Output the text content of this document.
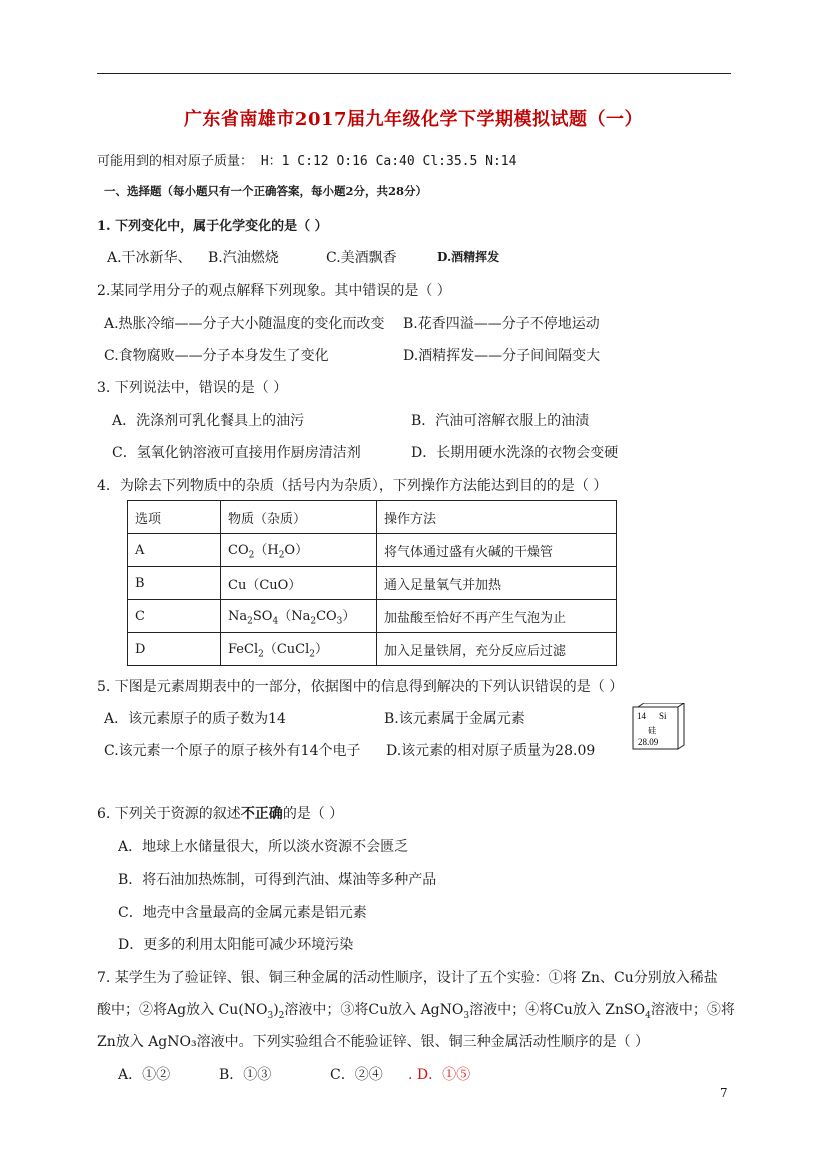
广东省南雄市2017届九年级化学下学期模拟试题（一）
可能用到的相对原子质量： H：1 C:12 O:16 Ca:40 Cl:35.5 N:14
一、选择题（每小题只有一个正确答案，每小题2分，共28分）
1. 下列变化中，属于化学变化的是（ ）
A.干冰新华、 B.汽油燃烧	C.美酒飘香	D.酒精挥发
2.某同学用分子的观点解释下列现象。其中错误的是（ ）
A.热胀冷缩——分子大小随温度的变化而改变 B.花香四溢——分子不停地运动
C.食物腐败——分子本身发生了变化	D.酒精挥发——分子间间隔变大
3. 下列说法中，错误的是（ ）
A．洗涤剂可乳化餐具上的油污	B．汽油可溶解衣服上的油渍
C．氢氧化钠溶液可直接用作厨房清洁剂	D．长期用硬水洗涤的衣物会变硬
4．为除去下列物质中的杂质（括号内为杂质），下列操作方法能达到目的的是（ ）
选项	物质（杂质）	操作方法
A	$CO_2(H_2O)$	将气体通过盛有火碱的干燥管
B	Cu（CuO）	通入足量氧气并加热
C	$Na_2SO_4(Na_2CO_3)$	加盐酸至恰好不再产生气泡为止
D	FeCl$_2$（CuCl$_2$）	加入足量铁屑，充分反应后过滤
5. 下图是元素周期表中的一部分，依据图中的信息得到解决的下列认识错误的是（ ）
A．该元素原子的质子数为14	B.该元素属于金属元素
C.该元素一个原子的原子核外有14个电子 D.该元素的相对原子质量为28.09
14 Si
硅
28.09
6. 下列关于资源的叙述不正确的是（ ）
A．地球上水储量很大，所以淡水资源不会匮乏
B．将石油加热炼制，可得到汽油、煤油等多种产品
C．地壳中含量最高的金属元素是铝元素
D．更多的利用太阳能可减少环境污染
7. 某学生为了验证锌、银、铜三种金属的活动性顺序，设计了五个实验：①将 Zn、Cu分别放入稀盐
酸中；②将Ag放入 $Cu(NO_3)_2$溶液中；③将Cu放入 AgNO$_3$溶液中；④将Cu放入 ZnSO$_4$溶液中；⑤将
Zn放入 AgNO₃溶液中。下列实验组合不能验证锌、银、铜三种金属活动性顺序的是（ ）
A．①②	B．①③	C．②④ . D．①⑤
7
